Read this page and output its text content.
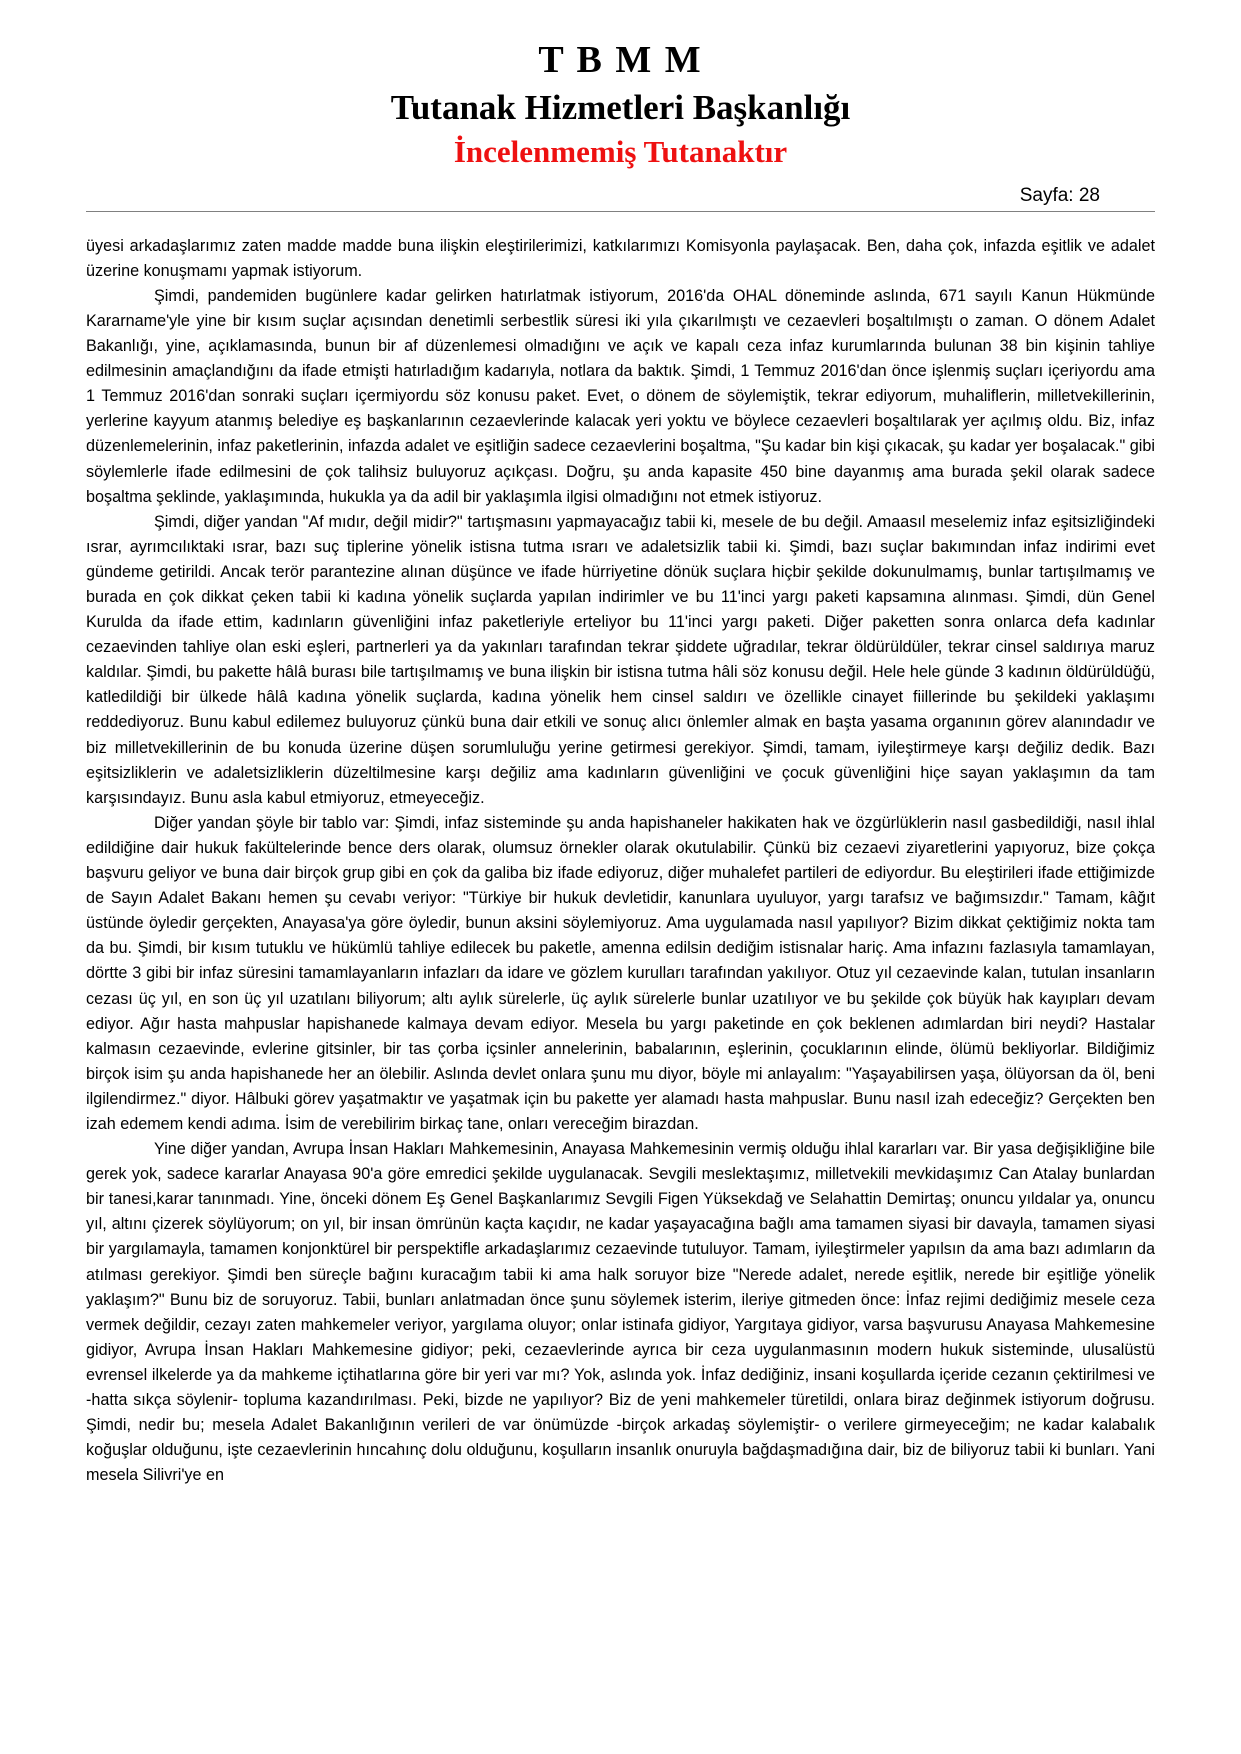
T B M M
Tutanak Hizmetleri Başkanlığı
İncelenmemiş Tutanaktır
Sayfa: 28

üyesi arkadaşlarımız zaten madde madde buna ilişkin eleştirilerimizi, katkılarımızı Komisyonla paylaşacak. Ben, daha çok, infazda eşitlik ve adalet üzerine konuşmamı yapmak istiyorum.

Şimdi, pandemiden bugünlere kadar gelirken hatırlatmak istiyorum, 2016'da OHAL döneminde aslında, 671 sayılı Kanun Hükmünde Kararname'yle yine bir kısım suçlar açısından denetimli serbestlik süresi iki yıla çıkarılmıştı ve cezaevleri boşaltılmıştı o zaman. O dönem Adalet Bakanlığı, yine, açıklamasında, bunun bir af düzenlemesi olmadığını ve açık ve kapalı ceza infaz kurumlarında bulunan 38 bin kişinin tahliye edilmesinin amaçlandığını da ifade etmişti hatırladığım kadarıyla, notlara da baktık. Şimdi, 1 Temmuz 2016'dan önce işlenmiş suçları içeriyordu ama 1 Temmuz 2016'dan sonraki suçları içermiyordu söz konusu paket. Evet, o dönem de söylemiştik, tekrar ediyorum, muhaliflerin, milletvekillerinin, yerlerine kayyum atanmış belediye eş başkanlarının cezaevlerinde kalacak yeri yoktu ve böylece cezaevleri boşaltılarak yer açılmış oldu. Biz, infaz düzenlemelerinin, infaz paketlerinin, infazda adalet ve eşitliğin sadece cezaevlerini boşaltma, "Şu kadar bin kişi çıkacak, şu kadar yer boşalacak." gibi söylemlerle ifade edilmesini de çok talihsiz buluyoruz açıkçası. Doğru, şu anda kapasite 450 bine dayanmış ama burada şekil olarak sadece boşaltma şeklinde, yaklaşımında, hukukla ya da adil bir yaklaşımla ilgisi olmadığını not etmek istiyoruz.

Şimdi, diğer yandan "Af mıdır, değil midir?" tartışmasını yapmayacağız tabii ki, mesele de bu değil. Amaasıl meselemiz infaz eşitsizliğindeki ısrar, ayrımcılıktaki ısrar, bazı suç tiplerine yönelik istisna tutma ısrarı ve adaletsizlik tabii ki. Şimdi, bazı suçlar bakımından infaz indirimi evet gündeme getirildi. Ancak terör parantezine alınan düşünce ve ifade hürriyetine dönük suçlara hiçbir şekilde dokunulmamış, bunlar tartışılmamış ve burada en çok dikkat çeken tabii ki kadına yönelik suçlarda yapılan indirimler ve bu 11'inci yargı paketi kapsamına alınması. Şimdi, dün Genel Kurulda da ifade ettim, kadınların güvenliğini infaz paketleriyle erteliyor bu 11'inci yargı paketi. Diğer paketten sonra onlarca defa kadınlar cezaevinden tahliye olan eski eşleri, partnerleri ya da yakınları tarafından tekrar şiddete uğradılar, tekrar öldürüldüler, tekrar cinsel saldırıya maruz kaldılar. Şimdi, bu pakette hâlâ burası bile tartışılmamış ve buna ilişkin bir istisna tutma hâli söz konusu değil. Hele hele günde 3 kadının öldürüldüğü, katledildiği bir ülkede hâlâ kadına yönelik suçlarda, kadına yönelik hem cinsel saldırı ve özellikle cinayet fiillerinde bu şekildeki yaklaşımı reddediyoruz. Bunu kabul edilemez buluyoruz çünkü buna dair etkili ve sonuç alıcı önlemler almak en başta yasama organının görev alanındadır ve biz milletvekillerinin de bu konuda üzerine düşen sorumluluğu yerine getirmesi gerekiyor. Şimdi, tamam, iyileştirmeye karşı değiliz dedik. Bazı eşitsizliklerin ve adaletsizliklerin düzeltilmesine karşı değiliz ama kadınların güvenliğini ve çocuk güvenliğini hiçe sayan yaklaşımın da tam karşısındayız. Bunu asla kabul etmiyoruz, etmeyeceğiz.

Diğer yandan şöyle bir tablo var: Şimdi, infaz sisteminde şu anda hapishaneler hakikaten hak ve özgürlüklerin nasıl gasbedildiği, nasıl ihlal edildiğine dair hukuk fakültelerinde bence ders olarak, olumsuz örnekler olarak okutulabilir. Çünkü biz cezaevi ziyaretlerini yapıyoruz, bize çokça başvuru geliyor ve buna dair birçok grup gibi en çok da galiba biz ifade ediyoruz, diğer muhalefet partileri de ediyordur. Bu eleştirileri ifade ettiğimizde de Sayın Adalet Bakanı hemen şu cevabı veriyor: "Türkiye bir hukuk devletidir, kanunlara uyuluyor, yargı tarafsız ve bağımsızdır." Tamam, kâğıt üstünde öyledir gerçekten, Anayasa'ya göre öyledir, bunun aksini söylemiyoruz. Ama uygulamada nasıl yapılıyor? Bizim dikkat çektiğimiz nokta tam da bu. Şimdi, bir kısım tutuklu ve hükümlü tahliye edilecek bu paketle, amenna edilsin dediğim istisnalar hariç. Ama infazını fazlasıyla tamamlayan, dörtte 3 gibi bir infaz süresini tamamlayanların infazları da idare ve gözlem kurulları tarafından yakılıyor. Otuz yıl cezaevinde kalan, tutulan insanların cezası üç yıl, en son üç yıl uzatılanı biliyorum; altı aylık sürelerle, üç aylık sürelerle bunlar uzatılıyor ve bu şekilde çok büyük hak kayıpları devam ediyor. Ağır hasta mahpuslar hapishanede kalmaya devam ediyor. Mesela bu yargı paketinde en çok beklenen adımlardan biri neydi? Hastalar kalmasın cezaevinde, evlerine gitsinler, bir tas çorba içsinler annelerinin, babalarının, eşlerinin, çocuklarının elinde, ölümü bekliyorlar. Bildiğimiz birçok isim şu anda hapishanede her an ölebilir. Aslında devlet onlara şunu mu diyor, böyle mi anlayalım: "Yaşayabilirsen yaşa, ölüyorsan da öl, beni ilgilendirmez." diyor. Hâlbuki görev yaşatmaktır ve yaşatmak için bu pakette yer alamadı hasta mahpuslar. Bunu nasıl izah edeceğiz? Gerçekten ben izah edemem kendi adıma. İsim de verebilirim birkaç tane, onları vereceğim birazdan.

Yine diğer yandan, Avrupa İnsan Hakları Mahkemesinin, Anayasa Mahkemesinin vermiş olduğu ihlal kararları var. Bir yasa değişikliğine bile gerek yok, sadece kararlar Anayasa 90'a göre emredici şekilde uygulanacak. Sevgili meslektaşımız, milletvekili mevkidaşımız Can Atalay bunlardan bir tanesi,karar tanınmadı. Yine, önceki dönem Eş Genel Başkanlarımız Sevgili Figen Yüksekdağ ve Selahattin Demirtaş; onuncu yıldalar ya, onuncu yıl, altını çizerek söylüyorum; on yıl, bir insan ömrünün kaçta kaçıdır, ne kadar yaşayacağına bağlı ama tamamen siyasi bir davayla, tamamen siyasi bir yargılamayla, tamamen konjonktürel bir perspektifle arkadaşlarımız cezaevinde tutuluyor. Tamam, iyileştirmeler yapılsın da ama bazı adımların da atılması gerekiyor. Şimdi ben süreçle bağını kuracağım tabii ki ama halk soruyor bize "Nerede adalet, nerede eşitlik, nerede bir eşitliğe yönelik yaklaşım?" Bunu biz de soruyoruz. Tabii, bunları anlatmadan önce şunu söylemek isterim, ileriye gitmeden önce: İnfaz rejimi dediğimiz mesele ceza vermek değildir, cezayı zaten mahkemeler veriyor, yargılama oluyor; onlar istinafa gidiyor, Yargıtaya gidiyor, varsa başvurusu Anayasa Mahkemesine gidiyor, Avrupa İnsan Hakları Mahkemesine gidiyor; peki, cezaevlerinde ayrıca bir ceza uygulanmasının modern hukuk sisteminde, ulusalüstü evrensel ilkelerde ya da mahkeme içtihatlarına göre bir yeri var mı? Yok, aslında yok. İnfaz dediğiniz, insani koşullarda içeride cezanın çektirilmesi ve -hatta sıkça söylenir- topluma kazandırılması. Peki, bizde ne yapılıyor? Biz de yeni mahkemeler türetildi, onlara biraz değinmek istiyorum doğrusu. Şimdi, nedir bu; mesela Adalet Bakanlığının verileri de var önümüzde -birçok arkadaş söylemiştir- o verilere girmeyeceğim; ne kadar kalabalık koğuşlar olduğunu, işte cezaevlerinin hıncahınç dolu olduğunu, koşulların insanlık onuruyla bağdaşmadığına dair, biz de biliyoruz tabii ki bunları. Yani mesela Silivri'ye en
